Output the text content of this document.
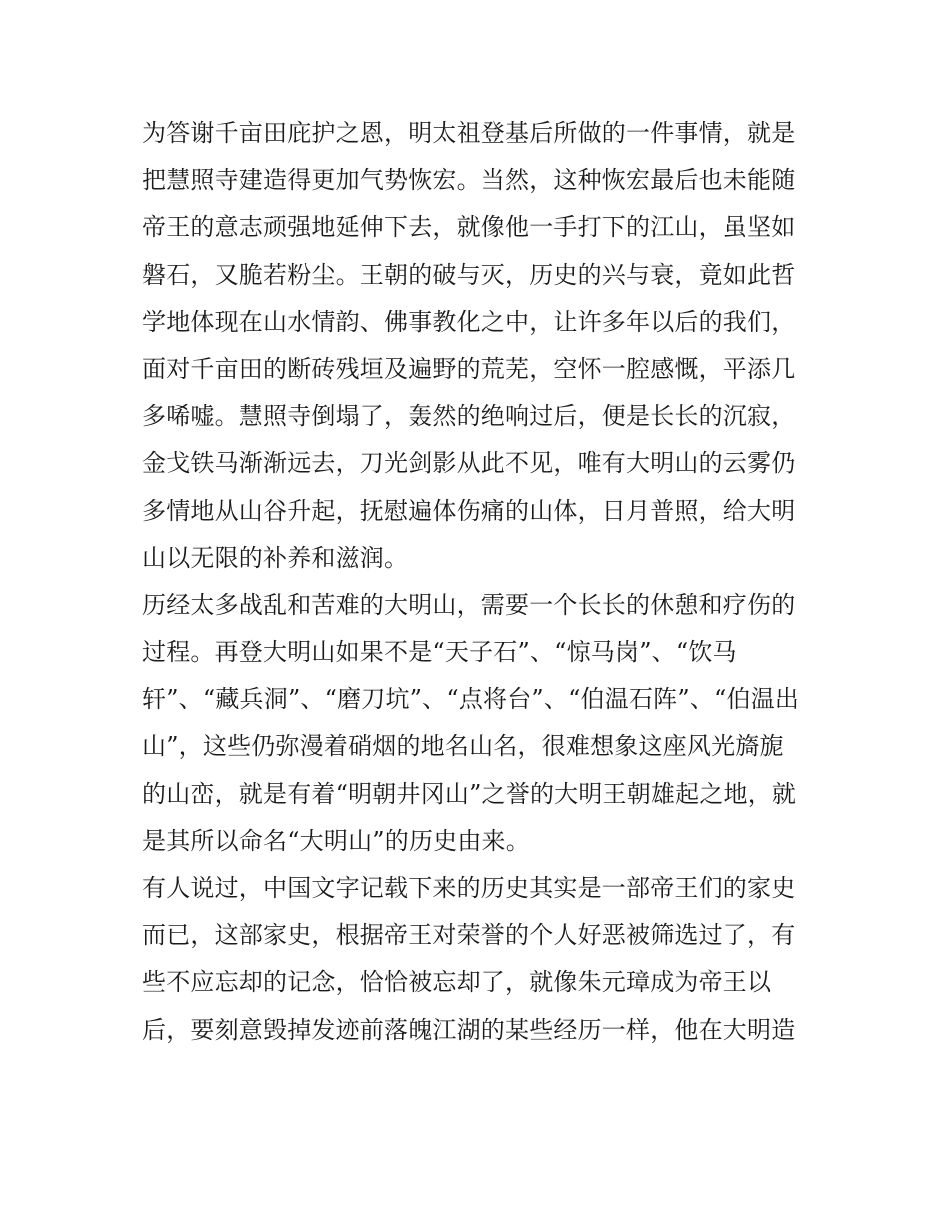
为答谢千亩田庇护之恩，明太祖登基后所做的一件事情，就是
把慧照寺建造得更加气势恢宏。当然，这种恢宏最后也未能随
帝王的意志顽强地延伸下去，就像他一手打下的江山，虽坚如
磐石，又脆若粉尘。王朝的破与灭，历史的兴与衰，竟如此哲
学地体现在山水情韵、佛事教化之中，让许多年以后的我们，
面对千亩田的断砖残垣及遍野的荒芜，空怀一腔感慨，平添几
多唏嘘。慧照寺倒塌了，轰然的绝响过后，便是长长的沉寂，
金戈铁马渐渐远去，刀光剑影从此不见，唯有大明山的云雾仍
多情地从山谷升起，抚慰遍体伤痛的山体，日月普照，给大明
山以无限的补养和滋润。
历经太多战乱和苦难的大明山，需要一个长长的休憩和疗伤的
过程。再登大明山如果不是“天子石”、“惊马岗”、“饮马
轩”、“藏兵洞”、“磨刀坑”、“点将台”、“伯温石阵”、“伯温出
山”，这些仍弥漫着硝烟的地名山名，很难想象这座风光旖旎
的山峦，就是有着“明朝井冈山”之誉的大明王朝雄起之地，就
是其所以命名“大明山”的历史由来。
有人说过，中国文字记载下来的历史其实是一部帝王们的家史
而已，这部家史，根据帝王对荣誉的个人好恶被筛选过了，有
些不应忘却的记念，恰恰被忘却了，就像朱元璋成为帝王以
后，要刻意毁掉发迹前落魄江湖的某些经历一样，他在大明造
